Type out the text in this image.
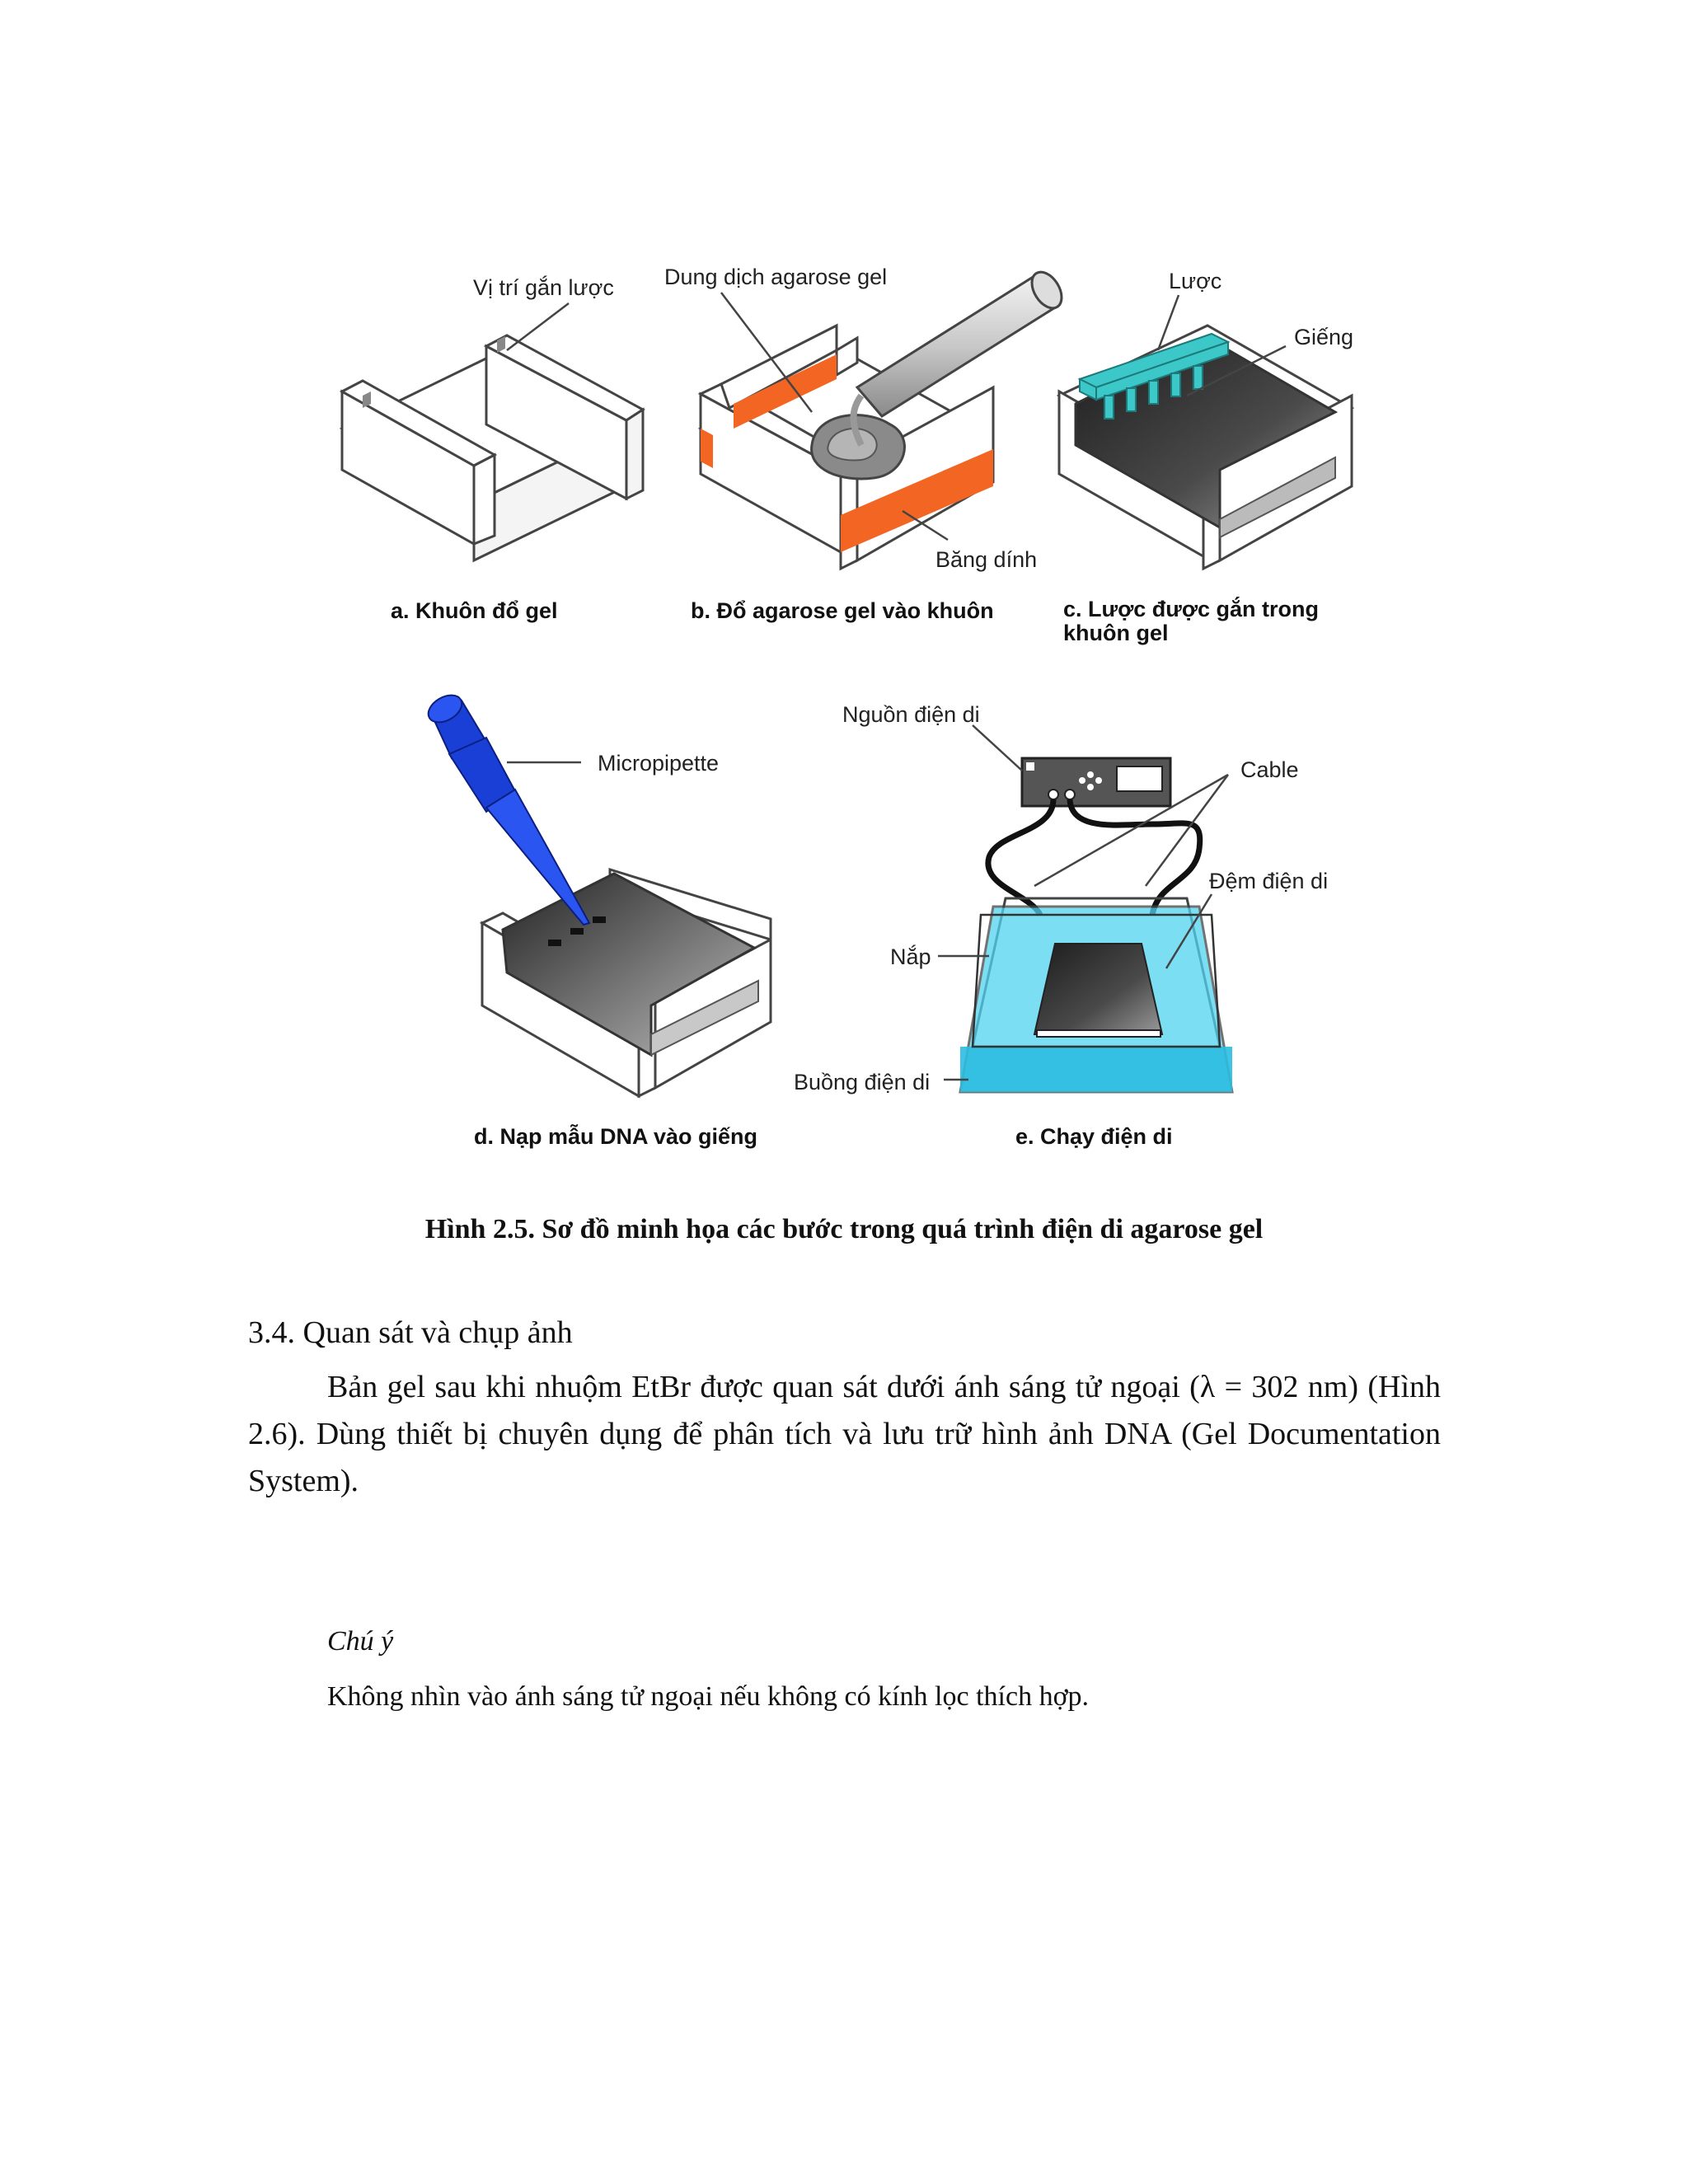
Vị trí gắn lược
a. Khuôn đổ gel
Dung dịch agarose gel
Băng dính
b. Đổ agarose gel vào khuôn
Lược
Giếng
c. Lược được gắn trong
khuôn gel
Micropipette
d. Nạp mẫu DNA vào giếng
Nguồn điện di
Cable
Đệm điện di
Nắp
Buồng điện di
e. Chạy điện di
Hình 2.5. Sơ đồ minh họa các bước trong quá trình điện di agarose gel
3.4. Quan sát và chụp ảnh

Bản gel sau khi nhuộm EtBr được quan sát dưới ánh sáng tử ngoại (λ = 302 nm) (Hình 2.6). Dùng thiết bị chuyên dụng để phân tích và lưu trữ hình ảnh DNA (Gel Documentation System).

Chú ý
Không nhìn vào ánh sáng tử ngoại nếu không có kính lọc thích hợp.
